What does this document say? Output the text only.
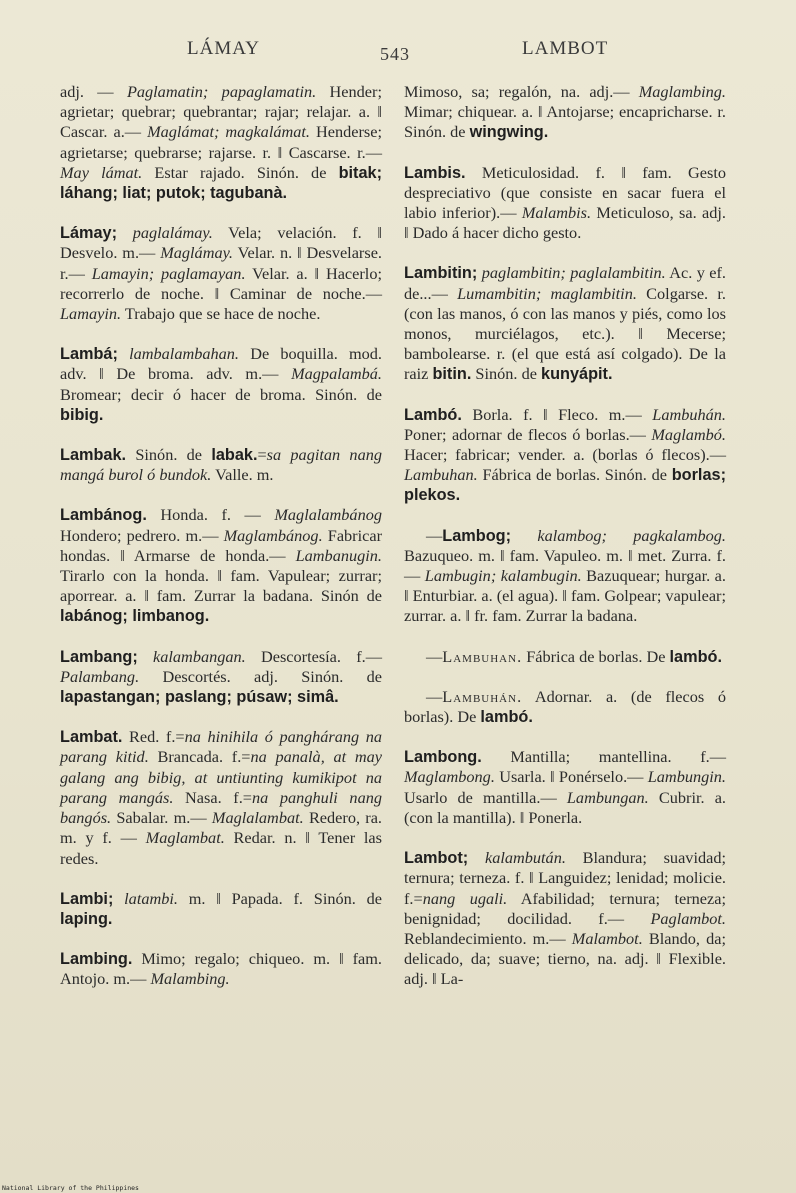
LÁMAY	543	LAMBOT

adj. — Paglamatin; papaglamatin. Hender; agrietar; quebrar; quebrantar; rajar; relajar. a. ‖ Cascar. a.— Maglámat; magkalámat. Henderse; agrietarse; quebrarse; rajarse. r. ‖ Cascarse. r.— May lámat. Estar rajado. Sinón. de bitak; láhang; liat; putok; tagubanà.

Lámay; paglalámay. Vela; velación. f. ‖ Desvelo. m.— Maglámay. Velar. n. ‖ Desvelarse. r.— Lamayin; paglamayan. Velar. a. ‖ Hacerlo; recorrerlo de noche. ‖ Caminar de noche.— Lamayin. Trabajo que se hace de noche.

Lambá; lambalambahan. De boquilla. mod. adv. ‖ De broma. adv. m.— Magpalambá. Bromear; decir ó hacer de broma. Sinón. de bibig.

Lambak. Sinón. de labak.=sa pagitan nang mangá burol ó bundok. Valle. m.

Lambánog. Honda. f. — Maglalambánog Hondero; pedrero. m.— Maglambánog. Fabricar hondas. ‖ Armarse de honda.— Lambanugin. Tirarlo con la honda. ‖ fam. Vapulear; zurrar; aporrear. a. ‖ fam. Zurrar la badana. Sinón de labánog; limbanog.

Lambang; kalambangan. Descortesía. f.— Palambang. Descortés. adj. Sinón. de lapastangan; paslang; púsaw; simâ.

Lambat. Red. f.=na hinihila ó panghárang na parang kitid. Brancada. f.=na panalà, at may galang ang bibig, at untiunting kumikipot na parang mangás. Nasa. f.=na panghuli nang bangós. Sabalar. m.— Maglalambat. Redero, ra. m. y f. — Maglambat. Redar. n. ‖ Tener las redes.

Lambi; latambi. m. ‖ Papada. f. Sinón. de laping.

Lambing. Mimo; regalo; chiqueo. m. ‖ fam. Antojo. m.— Malambing.

Mimoso, sa; regalón, na. adj.— Maglambing. Mimar; chiquear. a. ‖ Antojarse; encapricharse. r. Sinón. de wingwing.

Lambis. Meticulosidad. f. ‖ fam. Gesto despreciativo (que consiste en sacar fuera el labio inferior).— Malambis. Meticuloso, sa. adj. ‖ Dado á hacer dicho gesto.

Lambitin; paglambitin; paglalambitin. Ac. y ef. de...— Lumambitin; maglambitin. Colgarse. r. (con las manos, ó con las manos y piés, como los monos, murciélagos, etc.). ‖ Mecerse; bambolearse. r. (el que está así colgado). De la raiz bitin. Sinón. de kunyápit.

Lambó. Borla. f. ‖ Fleco. m.— Lambuhán. Poner; adornar de flecos ó borlas.— Maglambó. Hacer; fabricar; vender. a. (borlas ó flecos).— Lambuhan. Fábrica de borlas. Sinón. de borlas; plekos.

—Lambog; kalambog; pagkalambog. Bazuqueo. m. ‖ fam. Vapuleo. m. ‖ met. Zurra. f.— Lambugin; kalambugin. Bazuquear; hurgar. a. ‖ Enturbiar. a. (el agua). ‖ fam. Golpear; vapulear; zurrar. a. ‖ fr. fam. Zurrar la badana.

—Lambuhan. Fábrica de borlas. De lambó.

—Lambuhán. Adornar. a. (de flecos ó borlas). De lambó.

Lambong. Mantilla; mantellina. f.— Maglambong. Usarla. ‖ Ponérselo.— Lambungin. Usarlo de mantilla.— Lambungan. Cubrir. a. (con la mantilla). ‖ Ponerla.

Lambot; kalambután. Blandura; suavidad; ternura; terneza. f. ‖ Languidez; lenidad; molicie. f.=nang ugali. Afabilidad; ternura; terneza; benignidad; docilidad. f.— Paglambot. Reblandecimiento. m.— Malambot. Blando, da; delicado, da; suave; tierno, na. adj. ‖ Flexible. adj. ‖ La-

National Library of the Philippines
